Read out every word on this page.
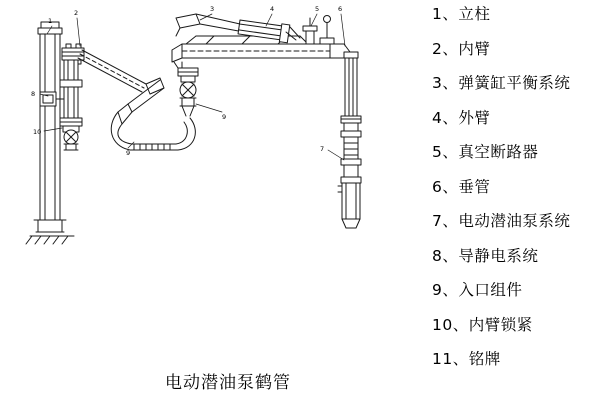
1
2	3	4	5	6
7
8
9
9
10
电动潜油泵鹤管
1、立柱
2、内臂
3、弹簧缸平衡系统
4、外臂
5、真空断路器
6、垂管
7、电动潜油泵系统
8、导静电系统
9、入口组件
10、内臂锁紧
11、铭牌
